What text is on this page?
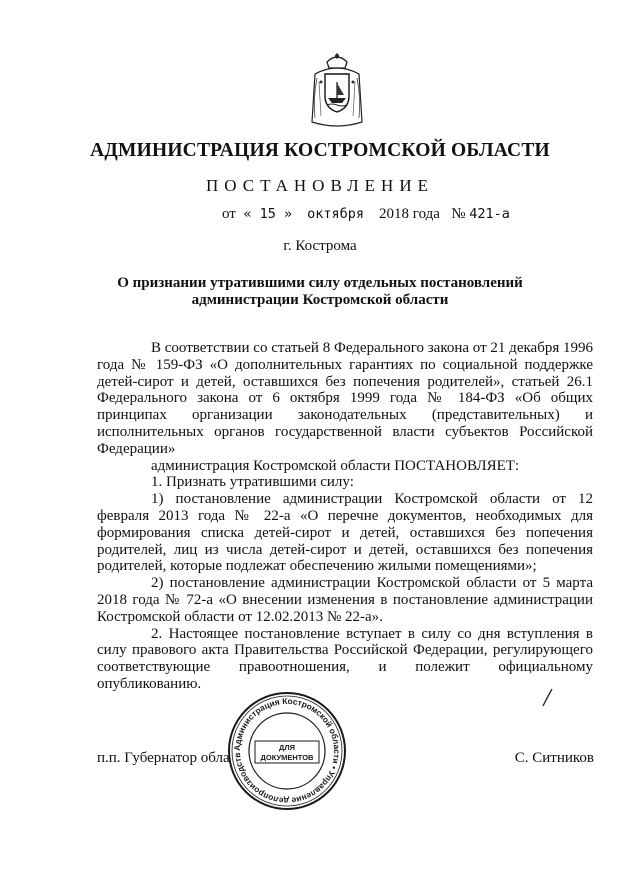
АДМИНИСТРАЦИЯ КОСТРОМСКОЙ ОБЛАСТИ
ПОСТАНОВЛЕНИЕ
от « 15 » октября 2018 года № 421-а
г. Кострома
О признании утратившими силу отдельных постановлений
администрации Костромской области

В соответствии со статьей 8 Федерального закона от 21 декабря 1996 года № 159-ФЗ «О дополнительных гарантиях по социальной поддержке детей-сирот и детей, оставшихся без попечения родителей», статьей 26.1 Федерального закона от 6 октября 1999 года № 184-ФЗ «Об общих принципах организации законодательных (представительных) и исполнительных органов государственной власти субъектов Российской Федерации»

администрация Костромской области ПОСТАНОВЛЯЕТ:

1. Признать утратившими силу:

1) постановление администрации Костромской области от 12 февраля 2013 года № 22-а «О перечне документов, необходимых для формирования списка детей-сирот и детей, оставшихся без попечения родителей, лиц из числа детей-сирот и детей, оставшихся без попечения родителей, которые подлежат обеспечению жилыми помещениями»;

2) постановление администрации Костромской области от 5 марта 2018 года № 72-а «О внесении изменения в постановление администрации Костромской области от 12.02.2013 № 22-а».

2. Настоящее постановление вступает в силу со дня вступления в силу правового акта Правительства Российской Федерации, регулирующего соответствующие правоотношения, и полежит официальному опубликованию.

п.п. Губернатор обла	С. Ситников
Администрация Костромской области • Управление делопроизводств
ДЛЯ
ДОКУМЕНТОВ
